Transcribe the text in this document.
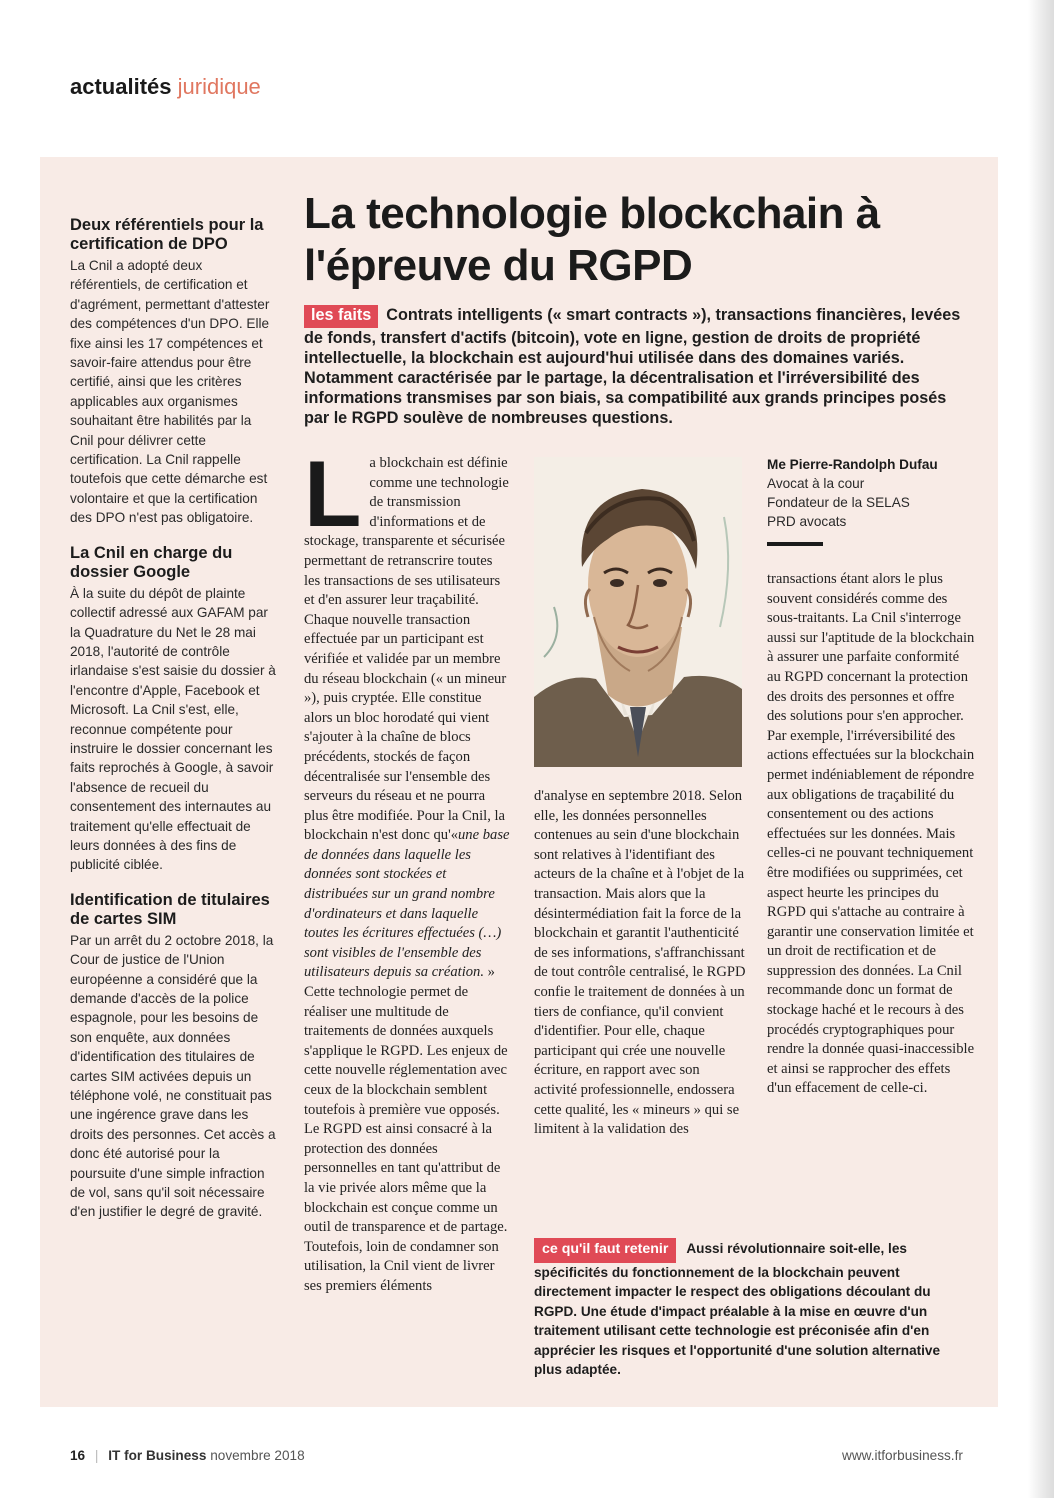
actualités juridique
Deux référentiels pour la certification de DPO
La Cnil a adopté deux référentiels, de certification et d'agrément, permettant d'attester des compétences d'un DPO. Elle fixe ainsi les 17 compétences et savoir-faire attendus pour être certifié, ainsi que les critères applicables aux organismes souhaitant être habilités par la Cnil pour délivrer cette certification. La Cnil rappelle toutefois que cette démarche est volontaire et que la certification des DPO n'est pas obligatoire.
La Cnil en charge du dossier Google
À la suite du dépôt de plainte collectif adressé aux GAFAM par la Quadrature du Net le 28 mai 2018, l'autorité de contrôle irlandaise s'est saisie du dossier à l'encontre d'Apple, Facebook et Microsoft. La Cnil s'est, elle, reconnue compétente pour instruire le dossier concernant les faits reprochés à Google, à savoir l'absence de recueil du consentement des internautes au traitement qu'elle effectuait de leurs données à des fins de publicité ciblée.
Identification de titulaires de cartes SIM
Par un arrêt du 2 octobre 2018, la Cour de justice de l'Union européenne a considéré que la demande d'accès de la police espagnole, pour les besoins de son enquête, aux données d'identification des titulaires de cartes SIM activées depuis un téléphone volé, ne constituait pas une ingérence grave dans les droits des personnes. Cet accès a donc été autorisé pour la poursuite d'une simple infraction de vol, sans qu'il soit nécessaire d'en justifier le degré de gravité.
La technologie blockchain à l'épreuve du RGPD
les faits Contrats intelligents (« smart contracts »), transactions financières, levées de fonds, transfert d'actifs (bitcoin), vote en ligne, gestion de droits de propriété intellectuelle, la blockchain est aujourd'hui utilisée dans des domaines variés. Notamment caractérisée par le partage, la décentralisation et l'irréversibilité des informations transmises par son biais, sa compatibilité aux grands principes posés par le RGPD soulève de nombreuses questions.
L a blockchain est définie comme une technologie de transmission d'informations et de stockage, transparente et sécurisée permettant de retranscrire toutes les transactions de ses utilisateurs et d'en assurer leur traçabilité. Chaque nouvelle transaction effectuée par un participant est vérifiée et validée par un membre du réseau blockchain (« un mineur »), puis cryptée. Elle constitue alors un bloc horodaté qui vient s'ajouter à la chaîne de blocs précédents, stockés de façon décentralisée sur l'ensemble des serveurs du réseau et ne pourra plus être modifiée. Pour la Cnil, la blockchain n'est donc qu'«une base de données dans laquelle les données sont stockées et distribuées sur un grand nombre d'ordinateurs et dans laquelle toutes les écritures effectuées (…) sont visibles de l'ensemble des utilisateurs depuis sa création. » Cette technologie permet de réaliser une multitude de traitements de données auxquels s'applique le RGPD. Les enjeux de cette nouvelle réglementation avec ceux de la blockchain semblent toutefois à première vue opposés. Le RGPD est ainsi consacré à la protection des données personnelles en tant qu'attribut de la vie privée alors même que la blockchain est conçue comme un outil de transparence et de partage. Toutefois, loin de condamner son utilisation, la Cnil vient de livrer ses premiers éléments

Me Pierre-Randolph Dufau
Avocat à la cour
Fondateur de la SELAS
PRD avocats

d'analyse en septembre 2018. Selon elle, les données personnelles contenues au sein d'une blockchain sont relatives à l'identifiant des acteurs de la chaîne et à l'objet de la transaction. Mais alors que la désintermédiation fait la force de la blockchain et garantit l'authenticité de ses informations, s'affranchissant de tout contrôle centralisé, le RGPD confie le traitement de données à un tiers de confiance, qu'il convient d'identifier. Pour elle, chaque participant qui crée une nouvelle écriture, en rapport avec son activité professionnelle, endossera cette qualité, les « mineurs » qui se limitent à la validation des

transactions étant alors le plus souvent considérés comme des sous-traitants. La Cnil s'interroge aussi sur l'aptitude de la blockchain à assurer une parfaite conformité au RGPD concernant la protection des droits des personnes et offre des solutions pour s'en approcher. Par exemple, l'irréversibilité des actions effectuées sur la blockchain permet indéniablement de répondre aux obligations de traçabilité du consentement ou des actions effectuées sur les données. Mais celles-ci ne pouvant techniquement être modifiées ou supprimées, cet aspect heurte les principes du RGPD qui s'attache au contraire à garantir une conservation limitée et un droit de rectification et de suppression des données. La Cnil recommande donc un format de stockage haché et le recours à des procédés cryptographiques pour rendre la donnée quasi-inaccessible et ainsi se rapprocher des effets d'un effacement de celle-ci.

ce qu'il faut retenir Aussi révolutionnaire soit-elle, les spécificités du fonctionnement de la blockchain peuvent directement impacter le respect des obligations découlant du RGPD. Une étude d'impact préalable à la mise en œuvre d'un traitement utilisant cette technologie est préconisée afin d'en apprécier les risques et l'opportunité d'une solution alternative plus adaptée.
16 | IT for Business novembre 2018	www.itforbusiness.fr
